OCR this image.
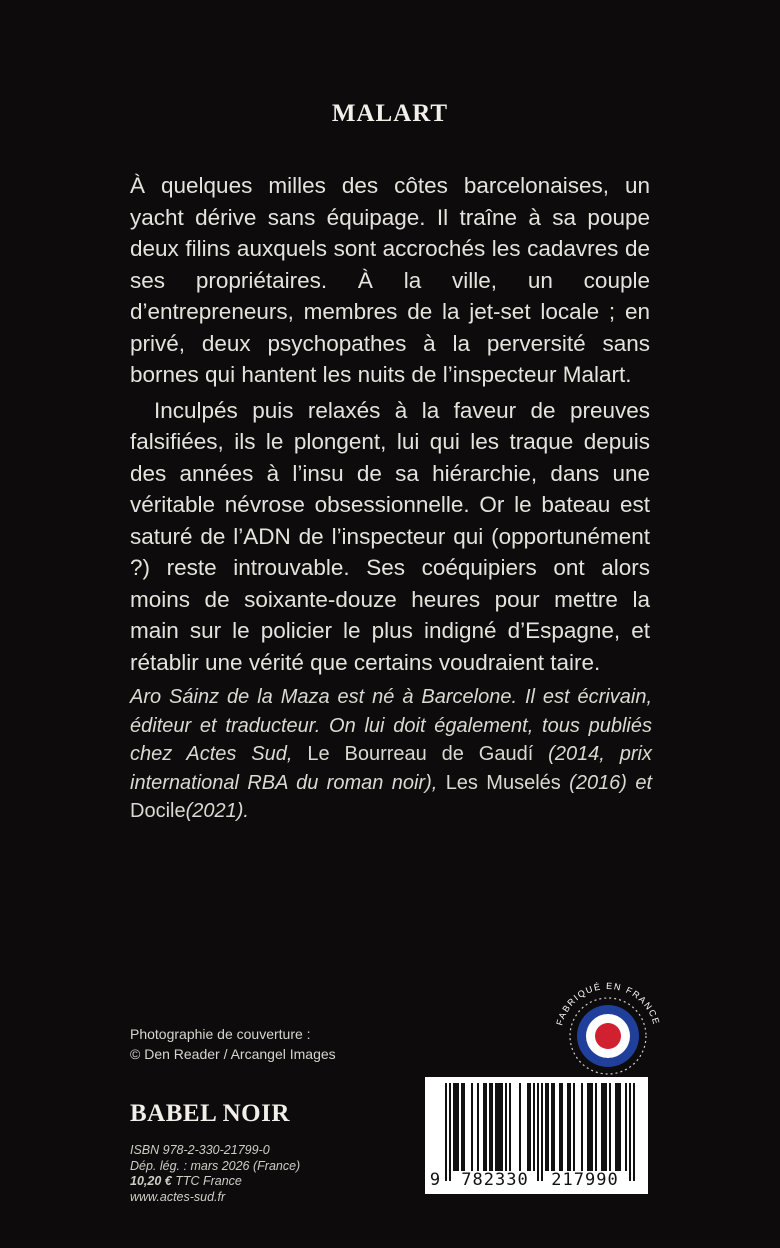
MALART

À quelques milles des côtes barcelonaises, un yacht dérive sans équipage. Il traîne à sa poupe deux filins auxquels sont accrochés les cadavres de ses propriétaires. À la ville, un couple d’entrepreneurs, membres de la jet-set locale ; en privé, deux psychopathes à la perversité sans bornes qui hantent les nuits de l’inspecteur Malart.

Inculpés puis relaxés à la faveur de preuves falsifiées, ils le plongent, lui qui les traque depuis des années à l’insu de sa hiérarchie, dans une véritable névrose obsessionnelle. Or le bateau est saturé de l’ADN de l’inspecteur qui (opportunément ?) reste introuvable. Ses coéquipiers ont alors moins de soixante-douze heures pour mettre la main sur le policier le plus indigné d’Espagne, et rétablir une vérité que certains voudraient taire.

Aro Sáinz de la Maza est né à Barcelone. Il est écrivain, éditeur et traducteur. On lui doit également, tous publiés chez Actes Sud, Le Bourreau de Gaudí (2014, prix international RBA du roman noir), Les Muselés (2016) et Docile(2021).
Photographie de couverture :
© Den Reader / Arcangel Images
FABRIQUÉ EN FRANCE
BABEL NOIR
ISBN 978-2-330-21799-0
Dép. lég. : mars 2026 (France)
10,20 € TTC France
www.actes-sud.fr
9 782330 217990
